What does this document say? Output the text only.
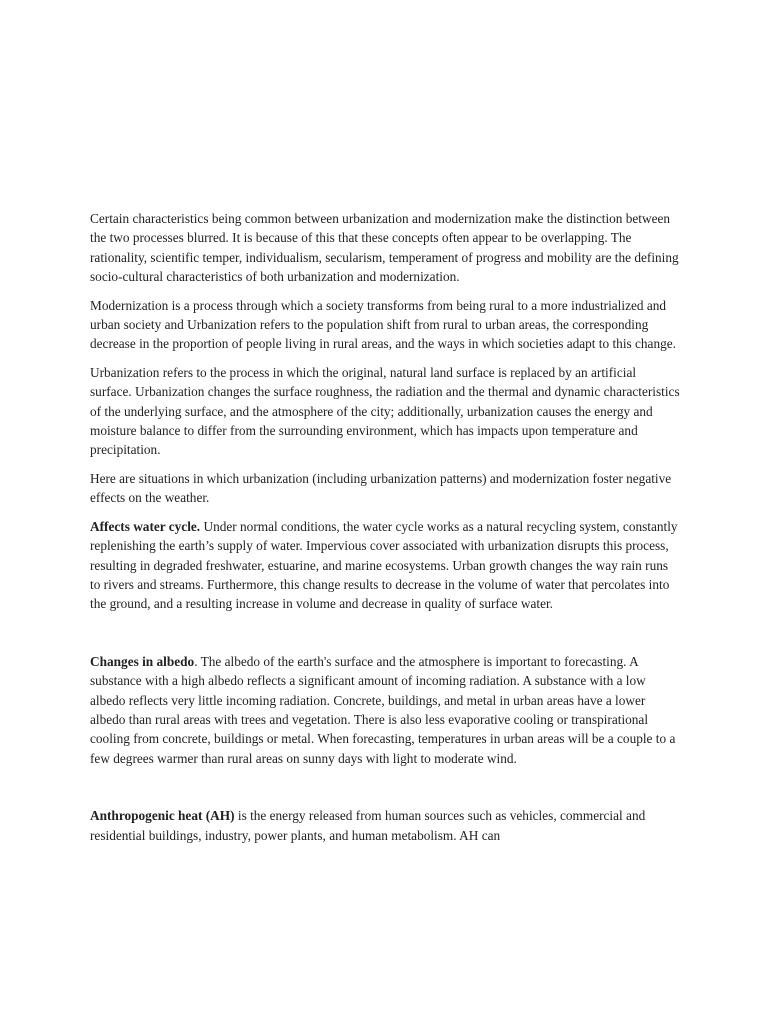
Certain characteristics being common between urbanization and modernization make the distinction between the two processes blurred. It is because of this that these concepts often appear to be overlapping. The rationality, scientific temper, individualism, secularism, temperament of progress and mobility are the defining socio-cultural characteristics of both urbanization and modernization.

Modernization is a process through which a society transforms from being rural to a more industrialized and urban society and Urbanization refers to the population shift from rural to urban areas, the corresponding decrease in the proportion of people living in rural areas, and the ways in which societies adapt to this change.

Urbanization refers to the process in which the original, natural land surface is replaced by an artificial surface. Urbanization changes the surface roughness, the radiation and the thermal and dynamic characteristics of the underlying surface, and the atmosphere of the city; additionally, urbanization causes the energy and moisture balance to differ from the surrounding environment, which has impacts upon temperature and precipitation.

Here are situations in which urbanization (including urbanization patterns) and modernization foster negative effects on the weather.

Affects water cycle. Under normal conditions, the water cycle works as a natural recycling system, constantly replenishing the earth’s supply of water. Impervious cover associated with urbanization disrupts this process, resulting in degraded freshwater, estuarine, and marine ecosystems. Urban growth changes the way rain runs to rivers and streams. Furthermore, this change results to decrease in the volume of water that percolates into the ground, and a resulting increase in volume and decrease in quality of surface water.

Changes in albedo. The albedo of the earth's surface and the atmosphere is important to forecasting. A substance with a high albedo reflects a significant amount of incoming radiation. A substance with a low albedo reflects very little incoming radiation. Concrete, buildings, and metal in urban areas have a lower albedo than rural areas with trees and vegetation. There is also less evaporative cooling or transpirational cooling from concrete, buildings or metal. When forecasting, temperatures in urban areas will be a couple to a few degrees warmer than rural areas on sunny days with light to moderate wind.

Anthropogenic heat (AH) is the energy released from human sources such as vehicles, commercial and residential buildings, industry, power plants, and human metabolism. AH can
